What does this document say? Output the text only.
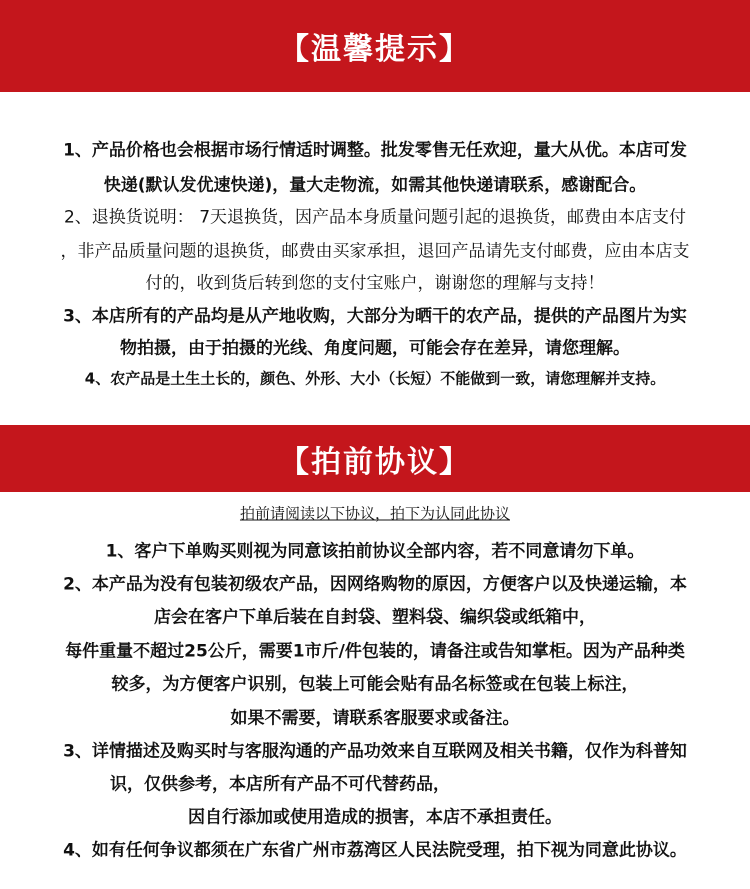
【温馨提示】
1、产品价格也会根据市场行情适时调整。批发零售无任欢迎，量大从优。本店可发
快递(默认发优速快递)，量大走物流，如需其他快递请联系，感谢配合。
2、退换货说明： 7天退换货，因产品本身质量问题引起的退换货，邮费由本店支付
，非产品质量问题的退换货，邮费由买家承担，退回产品请先支付邮费，应由本店支
付的，收到货后转到您的支付宝账户，谢谢您的理解与支持！
3、本店所有的产品均是从产地收购，大部分为晒干的农产品，提供的产品图片为实
物拍摄，由于拍摄的光线、角度问题，可能会存在差异，请您理解。
4、农产品是土生土长的，颜色、外形、大小（长短）不能做到一致，请您理解并支持。
【拍前协议】
拍前请阅读以下协议，拍下为认同此协议
1、客户下单购买则视为同意该拍前协议全部内容，若不同意请勿下单。
2、本产品为没有包装初级农产品，因网络购物的原因，方便客户以及快递运输，本
店会在客户下单后装在自封袋、塑料袋、编织袋或纸箱中，
每件重量不超过25公斤，需要1市斤/件包装的，请备注或告知掌柜。因为产品种类
较多，为方便客户识别，包装上可能会贴有品名标签或在包装上标注，
如果不需要，请联系客服要求或备注。
3、详情描述及购买时与客服沟通的产品功效来自互联网及相关书籍，仅作为科普知
识，仅供参考，本店所有产品不可代替药品，
因自行添加或使用造成的损害，本店不承担责任。
4、如有任何争议都须在广东省广州市荔湾区人民法院受理，拍下视为同意此协议。
